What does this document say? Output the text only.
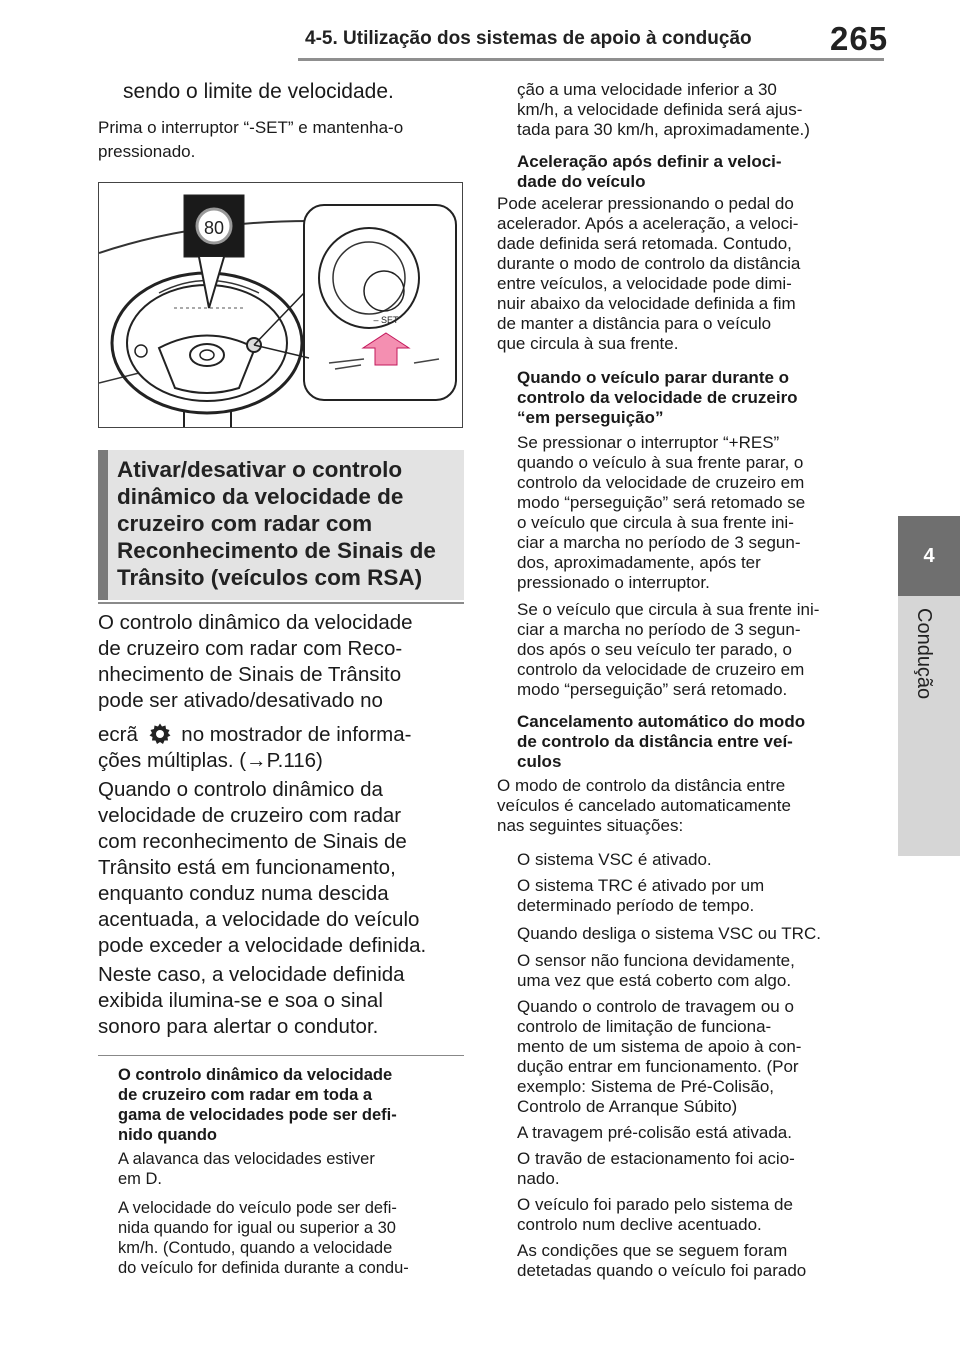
4-5. Utilização dos sistemas de apoio à condução 265
4
Condução

sendo o limite de velocidade.

Prima o interruptor “-SET” e mantenha-o

pressionado.

80
– SET
Ativar/desativar o controlo
dinâmico da velocidade de
cruzeiro com radar com
Reconhecimento de Sinais de
Trânsito (veículos com RSA)
O controlo dinâmico da velocidade
de cruzeiro com radar com Reco-
nhecimento de Sinais de Trânsito
pode ser ativado/desativado no
ecrã no mostrador de informa-
ções múltiplas. (→P.116)
Quando o controlo dinâmico da
velocidade de cruzeiro com radar
com reconhecimento de Sinais de
Trânsito está em funcionamento,
enquanto conduz numa descida
acentuada, a velocidade do veículo
pode exceder a velocidade definida.
Neste caso, a velocidade definida
exibida ilumina-se e soa o sinal
sonoro para alertar o condutor.
O controlo dinâmico da velocidade
de cruzeiro com radar em toda a
gama de velocidades pode ser defi-
nido quando
A alavanca das velocidades estiver
em D.
A velocidade do veículo pode ser defi-
nida quando for igual ou superior a 30
km/h. (Contudo, quando a velocidade
do veículo for definida durante a condu-
ção a uma velocidade inferior a 30
km/h, a velocidade definida será ajus-
tada para 30 km/h, aproximadamente.)
Aceleração após definir a veloci-
dade do veículo
Pode acelerar pressionando o pedal do
acelerador. Após a aceleração, a veloci-
dade definida será retomada. Contudo,
durante o modo de controlo da distância
entre veículos, a velocidade pode dimi-
nuir abaixo da velocidade definida a fim
de manter a distância para o veículo
que circula à sua frente.
Quando o veículo parar durante o
controlo da velocidade de cruzeiro
“em perseguição”
Se pressionar o interruptor “+RES”
quando o veículo à sua frente parar, o
controlo da velocidade de cruzeiro em
modo “perseguição” será retomado se
o veículo que circula à sua frente ini-
ciar a marcha no período de 3 segun-
dos, aproximadamente, após ter
pressionado o interruptor.
Se o veículo que circula à sua frente ini-
ciar a marcha no período de 3 segun-
dos após o seu veículo ter parado, o
controlo da velocidade de cruzeiro em
modo “perseguição” será retomado.
Cancelamento automático do modo
de controlo da distância entre veí-
culos
O modo de controlo da distância entre
veículos é cancelado automaticamente
nas seguintes situações:
O sistema VSC é ativado.
O sistema TRC é ativado por um
determinado período de tempo.
Quando desliga o sistema VSC ou TRC.
O sensor não funciona devidamente,
uma vez que está coberto com algo.
Quando o controlo de travagem ou o
controlo de limitação de funciona-
mento de um sistema de apoio à con-
dução entrar em funcionamento. (Por
exemplo: Sistema de Pré-Colisão,
Controlo de Arranque Súbito)
A travagem pré-colisão está ativada.
O travão de estacionamento foi acio-
nado.
O veículo foi parado pelo sistema de
controlo num declive acentuado.
As condições que se seguem foram
detetadas quando o veículo foi parado
